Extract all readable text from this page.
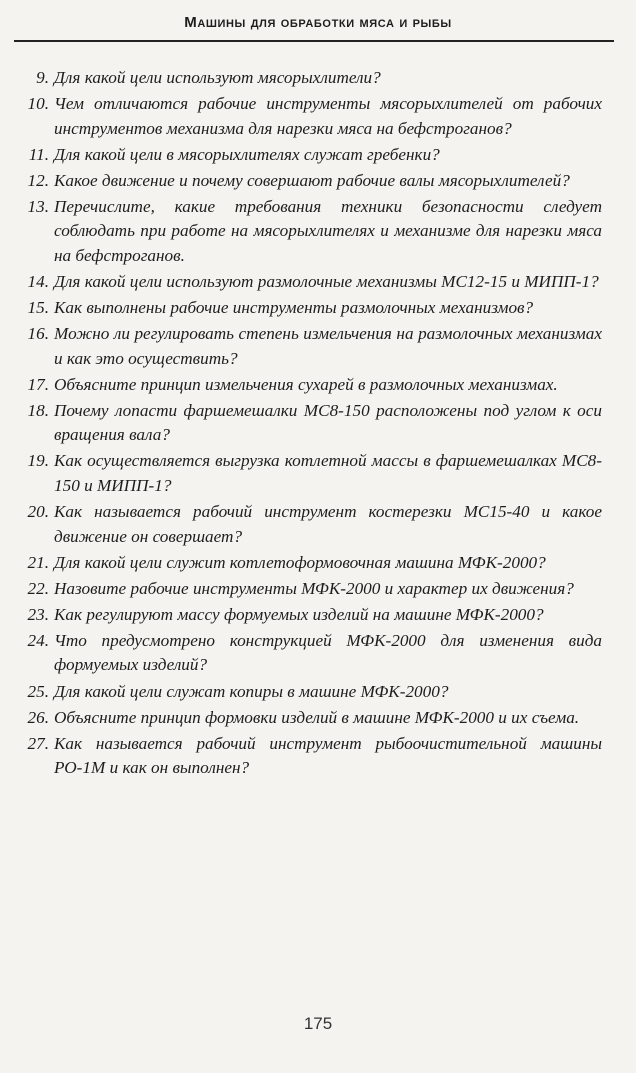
Машины для обработки мяса и рыбы
9. Для какой цели используют мясорыхлители?
10. Чем отличаются рабочие инструменты мясорыхлителей от рабочих инструментов механизма для нарезки мяса на бефстроганов?
11. Для какой цели в мясорыхлителях служат гребенки?
12. Какое движение и почему совершают рабочие валы мясорыхлителей?
13. Перечислите, какие требования техники безопасности следует соблюдать при работе на мясорыхлителях и механизме для нарезки мяса на бефстроганов.
14. Для какой цели используют размолочные механизмы МС12-15 и МИПП-1?
15. Как выполнены рабочие инструменты размолочных механизмов?
16. Можно ли регулировать степень измельчения на размолочных механизмах и как это осуществить?
17. Объясните принцип измельчения сухарей в размолочных механизмах.
18. Почему лопасти фаршемешалки МС8-150 расположены под углом к оси вращения вала?
19. Как осуществляется выгрузка котлетной массы в фаршемешалках МС8-150 и МИПП-1?
20. Как называется рабочий инструмент костерезки МС15-40 и какое движение он совершает?
21. Для какой цели служит котлетоформовочная машина МФК-2000?
22. Назовите рабочие инструменты МФК-2000 и характер их движения?
23. Как регулируют массу формуемых изделий на машине МФК-2000?
24. Что предусмотрено конструкцией МФК-2000 для изменения вида формуемых изделий?
25. Для какой цели служат копиры в машине МФК-2000?
26. Объясните принцип формовки изделий в машине МФК-2000 и их съема.
27. Как называется рабочий инструмент рыбоочистительной машины РО-1М и как он выполнен?
175
